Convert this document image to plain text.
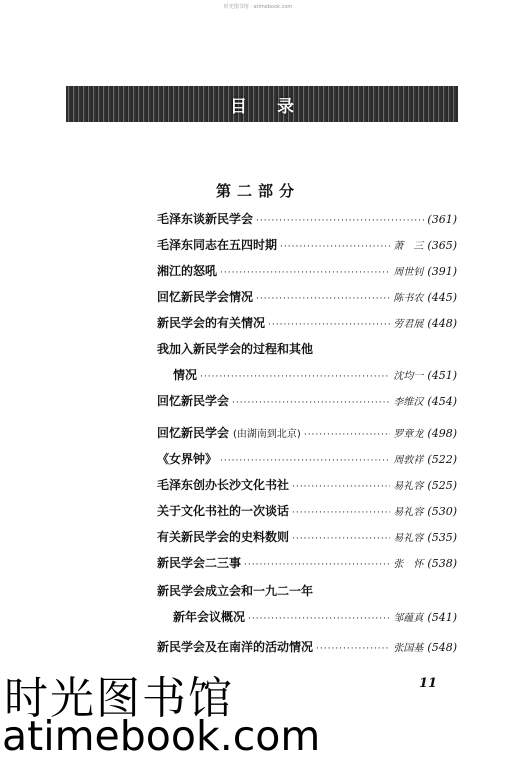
时光图书馆 · atimebook.com
目录
第二部分
毛泽东谈新民学会 ·····	(361)
毛泽东同志在五四时期 ·····	萧　三 (365)
湘江的怒吼 ·····	周世钊 (391)
回忆新民学会情况 ·····	陈书农 (445)
新民学会的有关情况 ·····	劳君展 (448)
我加入新民学会的过程和其他
情况 ·····	沈均一 (451)
回忆新民学会 ·····	李维汉 (454)
回忆新民学会 (由湖南到北京) ·····	罗章龙 (498)
《女界钟》 ·····	周敦祥 (522)
毛泽东创办长沙文化书社 ·····	易礼容 (525)
关于文化书社的一次谈话 ·····	易礼容 (530)
有关新民学会的史料数则 ·····	易礼容 (535)
新民学会二三事 ·····	张　怀 (538)
新民学会成立会和一九二一年
新年会议概况 ·····	邹蕴真 (541)
新民学会及在南洋的活动情况 ·····	张国基 (548)
11
时光图书馆
atimebook.com
